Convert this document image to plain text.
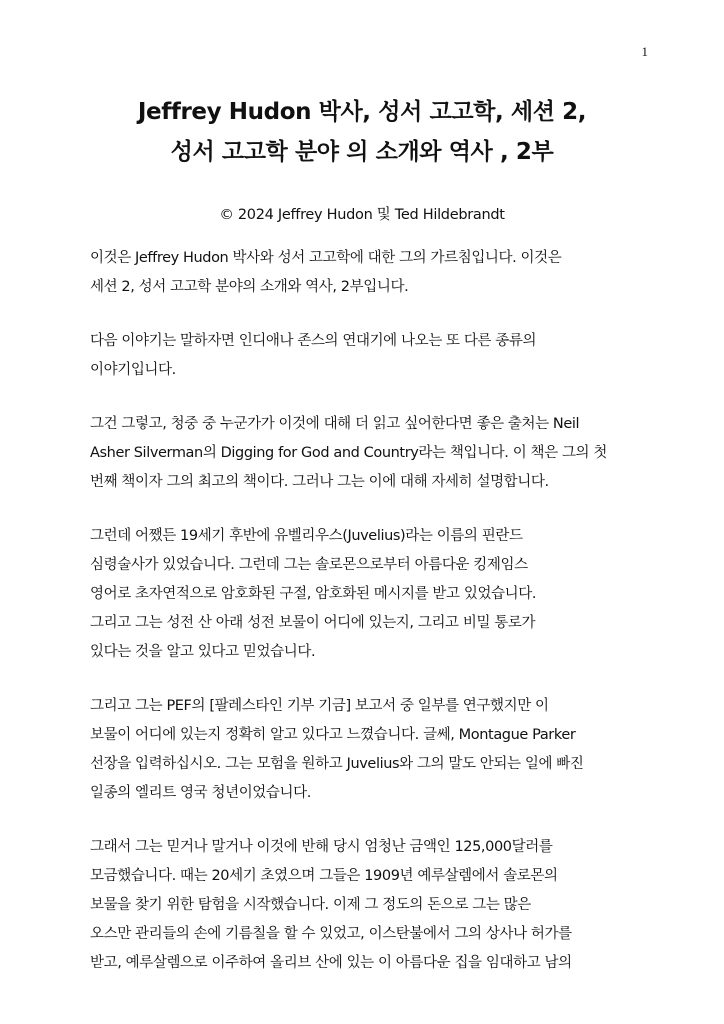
1
Jeffrey Hudon 박사, 성서 고고학, 세션 2,
성서 고고학 분야 의 소개와 역사 , 2부
© 2024 Jeffrey Hudon 및 Ted Hildebrandt
이것은 Jeffrey Hudon 박사와 성서 고고학에 대한 그의 가르침입니다. 이것은
세션 2, 성서 고고학 분야의 소개와 역사, 2부입니다.
다음 이야기는 말하자면 인디애나 존스의 연대기에 나오는 또 다른 종류의
이야기입니다.
그건 그렇고, 청중 중 누군가가 이것에 대해 더 읽고 싶어한다면 좋은 출처는 Neil
Asher Silverman의 Digging for God and Country라는 책입니다. 이 책은 그의 첫
번째 책이자 그의 최고의 책이다. 그러나 그는 이에 대해 자세히 설명합니다.
그런데 어쨌든 19세기 후반에 유벨리우스(Juvelius)라는 이름의 핀란드
심령술사가 있었습니다. 그런데 그는 솔로몬으로부터 아름다운 킹제임스
영어로 초자연적으로 암호화된 구절, 암호화된 메시지를 받고 있었습니다.
그리고 그는 성전 산 아래 성전 보물이 어디에 있는지, 그리고 비밀 통로가
있다는 것을 알고 있다고 믿었습니다.
그리고 그는 PEF의 [팔레스타인 기부 기금] 보고서 중 일부를 연구했지만 이
보물이 어디에 있는지 정확히 알고 있다고 느꼈습니다. 글쎄, Montague Parker
선장을 입력하십시오. 그는 모험을 원하고 Juvelius와 그의 말도 안되는 일에 빠진
일종의 엘리트 영국 청년이었습니다.
그래서 그는 믿거나 말거나 이것에 반해 당시 엄청난 금액인 125,000달러를
모금했습니다. 때는 20세기 초였으며 그들은 1909년 예루살렘에서 솔로몬의
보물을 찾기 위한 탐험을 시작했습니다. 이제 그 정도의 돈으로 그는 많은
오스만 관리들의 손에 기름칠을 할 수 있었고, 이스탄불에서 그의 상사나 허가를
받고, 예루살렘으로 이주하여 올리브 산에 있는 이 아름다운 집을 임대하고 남의
